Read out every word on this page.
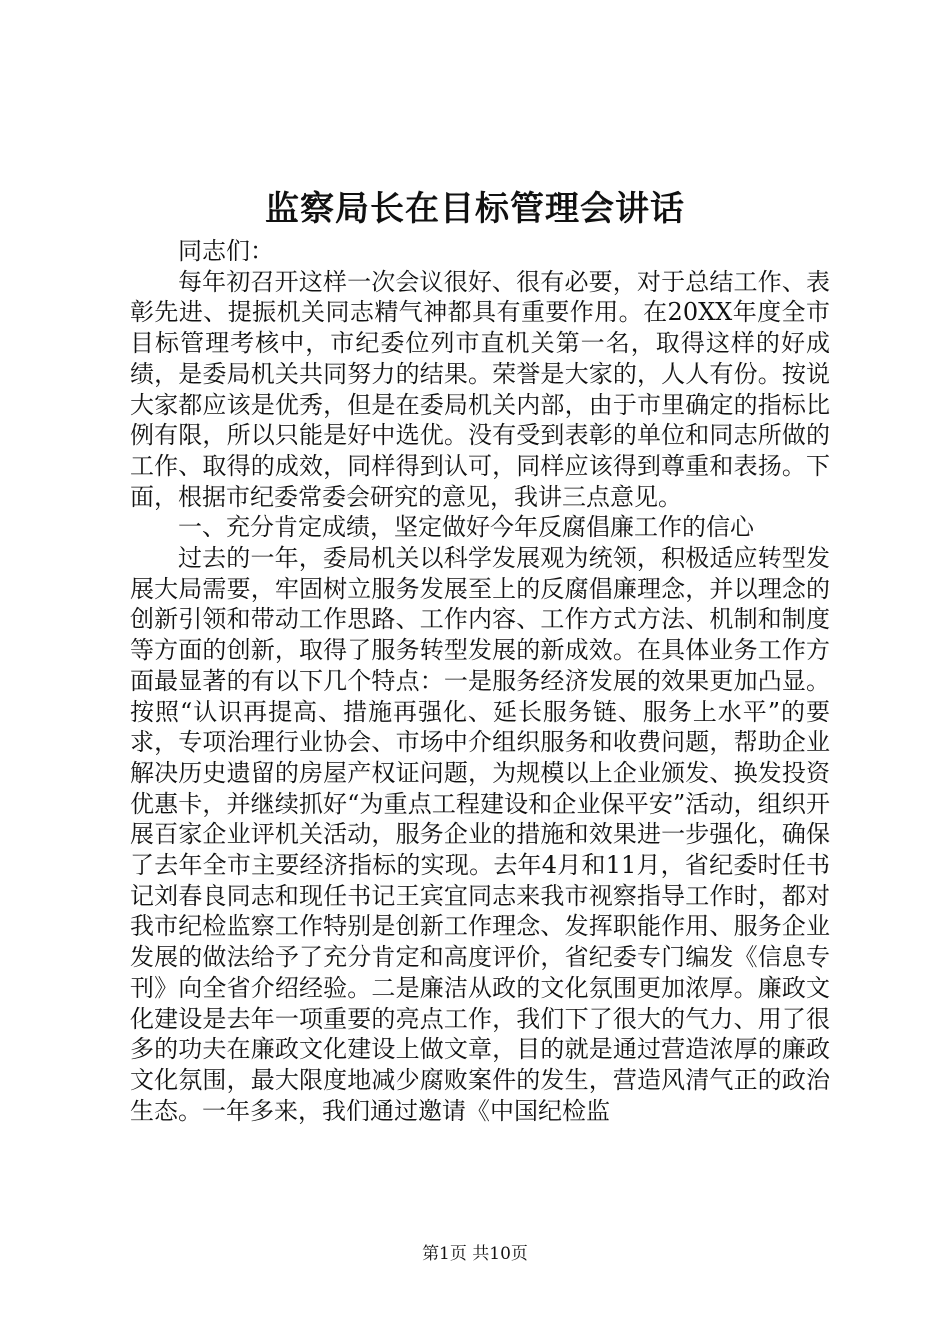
监察局长在目标管理会讲话

同志们：

每年初召开这样一次会议很好、很有必要，对于总结工作、表彰先进、提振机关同志精气神都具有重要作用。在20XX年度全市目标管理考核中，市纪委位列市直机关第一名，取得这样的好成绩，是委局机关共同努力的结果。荣誉是大家的，人人有份。按说大家都应该是优秀，但是在委局机关内部，由于市里确定的指标比例有限，所以只能是好中选优。没有受到表彰的单位和同志所做的工作、取得的成效，同样得到认可，同样应该得到尊重和表扬。下面，根据市纪委常委会研究的意见，我讲三点意见。

一、充分肯定成绩，坚定做好今年反腐倡廉工作的信心

过去的一年，委局机关以科学发展观为统领，积极适应转型发展大局需要，牢固树立服务发展至上的反腐倡廉理念，并以理念的创新引领和带动工作思路、工作内容、工作方式方法、机制和制度等方面的创新，取得了服务转型发展的新成效。在具体业务工作方面最显著的有以下几个特点：一是服务经济发展的效果更加凸显。按照“认识再提高、措施再强化、延长服务链、服务上水平”的要求，专项治理行业协会、市场中介组织服务和收费问题，帮助企业解决历史遗留的房屋产权证问题，为规模以上企业颁发、换发投资优惠卡，并继续抓好“为重点工程建设和企业保平安”活动，组织开展百家企业评机关活动，服务企业的措施和效果进一步强化，确保了去年全市主要经济指标的实现。去年4月和11月，省纪委时任书记刘春良同志和现任书记王宾宜同志来我市视察指导工作时，都对我市纪检监察工作特别是创新工作理念、发挥职能作用、服务企业发展的做法给予了充分肯定和高度评价，省纪委专门编发《信息专刊》向全省介绍经验。二是廉洁从政的文化氛围更加浓厚。廉政文化建设是去年一项重要的亮点工作，我们下了很大的气力、用了很多的功夫在廉政文化建设上做文章，目的就是通过营造浓厚的廉政文化氛围，最大限度地减少腐败案件的发生，营造风清气正的政治生态。一年多来，我们通过邀请《中国纪检监

第1页 共10页
